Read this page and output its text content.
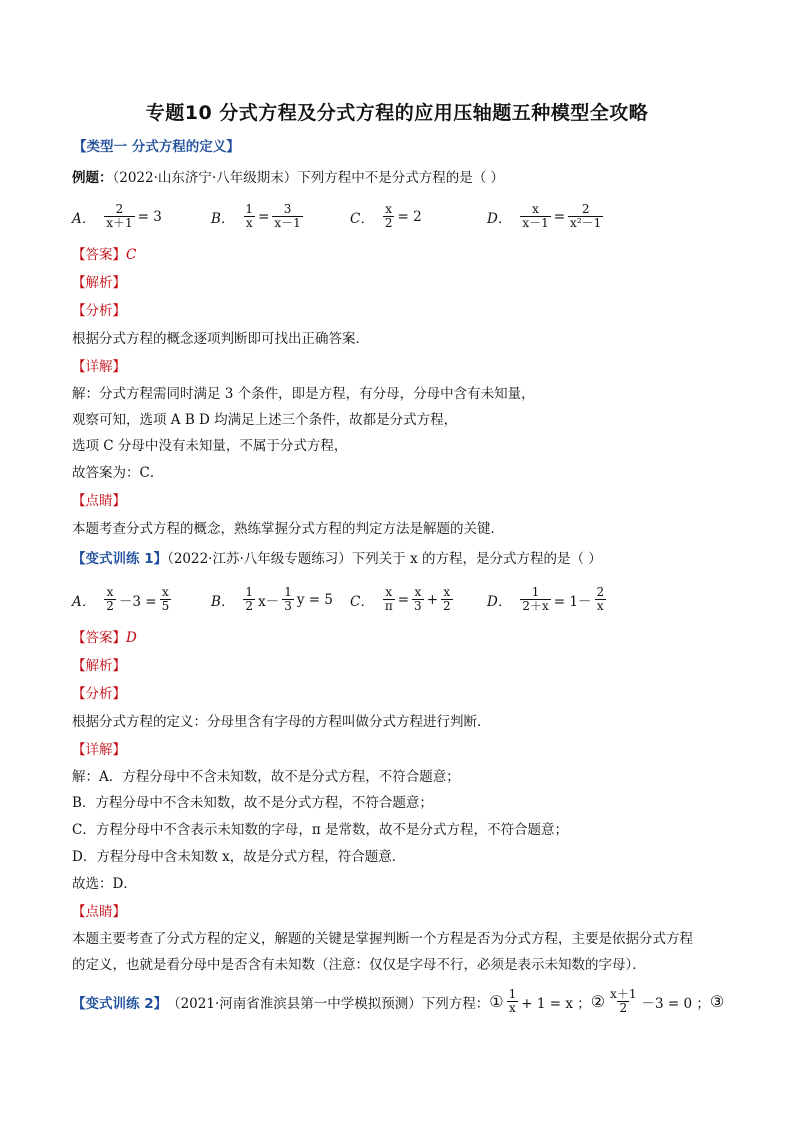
专题10 分式方程及分式方程的应用压轴题五种模型全攻略
【类型一 分式方程的定义】
例题：（2022·山东济宁·八年级期末）下列方程中不是分式方程的是（ ）
A． $\frac{2}{x+1} = 3$	B． $\frac{1}{x} = \frac{3}{x-1}$	C． $\frac{x}{2} = 2$	D． $\frac{x}{x-1} = \frac{2}{\text{x²－1}}$
【答案】C
【解析】
【分析】
根据分式方程的概念逐项判断即可找出正确答案．
【详解】
解：分式方程需同时满足 3 个条件，即是方程，有分母，分母中含有未知量，
观察可知，选项 A B D 均满足上述三个条件，故都是分式方程，
选项 C 分母中没有未知量，不属于分式方程，
故答案为：C．
【点睛】
本题考查分式方程的概念，熟练掌握分式方程的判定方法是解题的关键．
【变式训练 1】（2022·江苏·八年级专题练习）下列关于 x 的方程，是分式方程的是（ ）
A． $\frac{x}{2} -3 = \frac{x}{5}$	B． $\frac{1}{2} x- \frac{1}{3}$ y = 5 C． $\frac{x}{\pi} = \frac{x}{3} + \frac{x}{2}$	D． $\frac{1}{2+x} = 1- \frac{2}{x}$
【答案】D
【解析】
【分析】
根据分式方程的定义：分母里含有字母的方程叫做分式方程进行判断．
【详解】
解：A．方程分母中不含未知数，故不是分式方程，不符合题意；
B．方程分母中不含未知数，故不是分式方程，不符合题意；
C．方程分母中不含表示未知数的字母，π 是常数，故不是分式方程，不符合题意；
D．方程分母中含未知数 x，故是分式方程，符合题意．
故选：D．
【点睛】
本题主要考查了分式方程的定义，解题的关键是掌握判断一个方程是否为分式方程，主要是依据分式方程
的定义，也就是看分母中是否含有未知数（注意：仅仅是字母不行，必须是表示未知数的字母）．
【变式训练 2】 （2021·河南省淮滨县第一中学模拟预测）下列方程： ① $\frac{1}{x} + 1 = x$ ； ② $\frac{x+1}{2} -3 = 0$ ； ③
